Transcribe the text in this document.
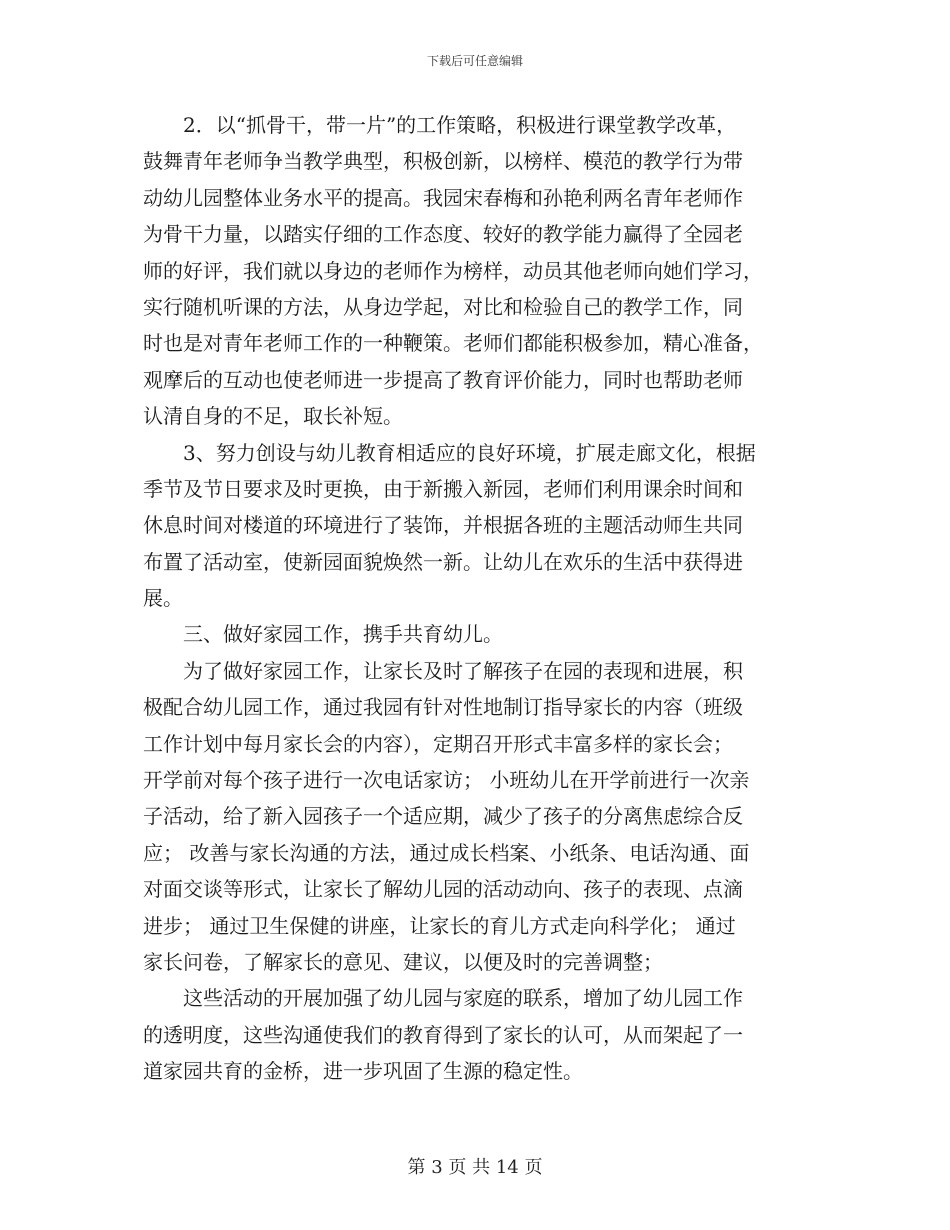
下载后可任意编辑
2．以“抓骨干，带一片”的工作策略，积极进行课堂教学改革，
鼓舞青年老师争当教学典型，积极创新，以榜样、模范的教学行为带
动幼儿园整体业务水平的提高。我园宋春梅和孙艳利两名青年老师作
为骨干力量，以踏实仔细的工作态度、较好的教学能力赢得了全园老
师的好评，我们就以身边的老师作为榜样，动员其他老师向她们学习，
实行随机听课的方法，从身边学起，对比和检验自己的教学工作，同
时也是对青年老师工作的一种鞭策。老师们都能积极参加，精心准备，
观摩后的互动也使老师进一步提高了教育评价能力，同时也帮助老师
认清自身的不足，取长补短。
3、努力创设与幼儿教育相适应的良好环境，扩展走廊文化，根据
季节及节日要求及时更换，由于新搬入新园，老师们利用课余时间和
休息时间对楼道的环境进行了装饰，并根据各班的主题活动师生共同
布置了活动室，使新园面貌焕然一新。让幼儿在欢乐的生活中获得进
展。
三、做好家园工作，携手共育幼儿。
为了做好家园工作，让家长及时了解孩子在园的表现和进展，积
极配合幼儿园工作，通过我园有针对性地制订指导家长的内容（班级
工作计划中每月家长会的内容），定期召开形式丰富多样的家长会；
开学前对每个孩子进行一次电话家访； 小班幼儿在开学前进行一次亲
子活动，给了新入园孩子一个适应期，减少了孩子的分离焦虑综合反
应； 改善与家长沟通的方法，通过成长档案、小纸条、电话沟通、面
对面交谈等形式，让家长了解幼儿园的活动动向、孩子的表现、点滴
进步； 通过卫生保健的讲座，让家长的育儿方式走向科学化； 通过
家长问卷，了解家长的意见、建议，以便及时的完善调整；
这些活动的开展加强了幼儿园与家庭的联系，增加了幼儿园工作
的透明度，这些沟通使我们的教育得到了家长的认可，从而架起了一
道家园共育的金桥，进一步巩固了生源的稳定性。
第 3 页 共 14 页
